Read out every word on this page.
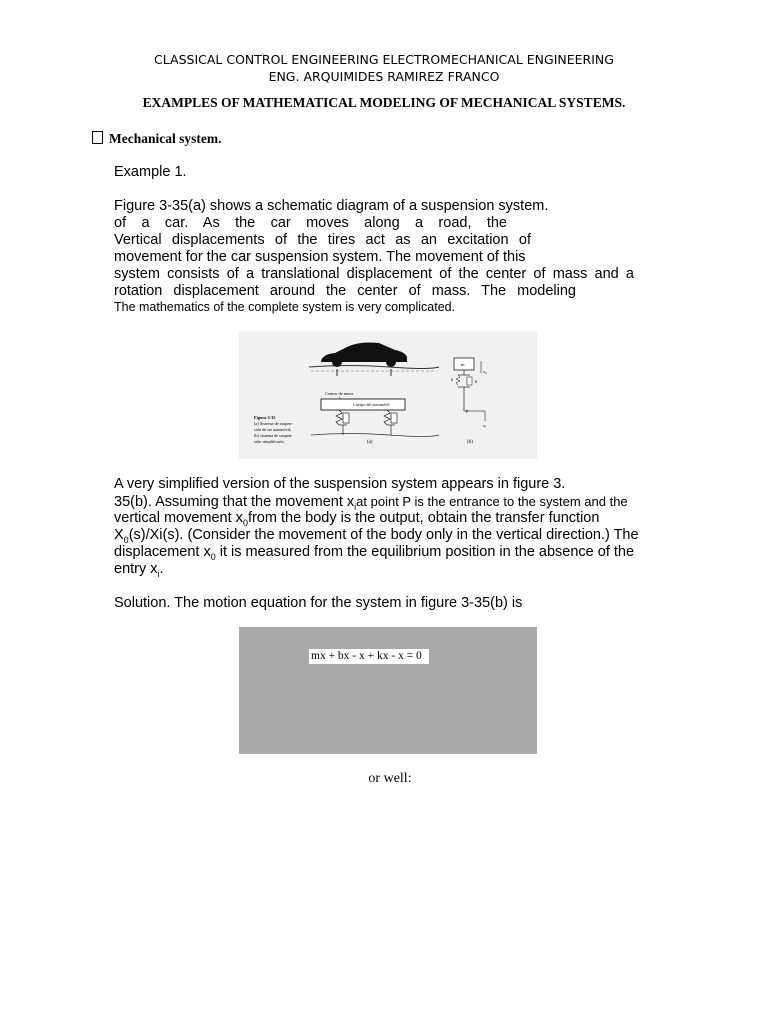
CLASSICAL CONTROL ENGINEERING ELECTROMECHANICAL ENGINEERING
ENG. ARQUIMIDES RAMIREZ FRANCO
EXAMPLES OF MATHEMATICAL MODELING OF MECHANICAL SYSTEMS.
Mechanical system.
Example 1.
Figure 3-35(a) shows a schematic diagram of a suspension system.
of a car. As the car moves along a road, the
Vertical displacements of the tires act as an excitation of
movement for the car suspension system. The movement of this
system consists of a translational displacement of the center of mass and a
rotation displacement around the center of mass. The modeling
The mathematics of the complete system is very complicated.
Centro de masa
Cuerpo del automóvil
(a)
Figura 3-35
(a) Sistema de suspen-
sión de un automóvil;
(b) sistema de suspen-
sión simplificado.
m
k	b
x₀
P
xᵢ
(b)
A very simplified version of the suspension system appears in figure 3.
35(b). Assuming that the movement $x_iat$ point P is the entrance to the system and the
vertical movement $x_0from$ the body is the output, obtain the transfer function
$X_0(s)/Xi(s)$. (Consider the movement of the body only in the vertical direction.) The
displacement $x_0$ it is measured from the equilibrium position in the absence of the
entry $x_i$.
Solution. The motion equation for the system in figure 3-35(b) is
mx + bx - x + kx - x = 0
or well:
